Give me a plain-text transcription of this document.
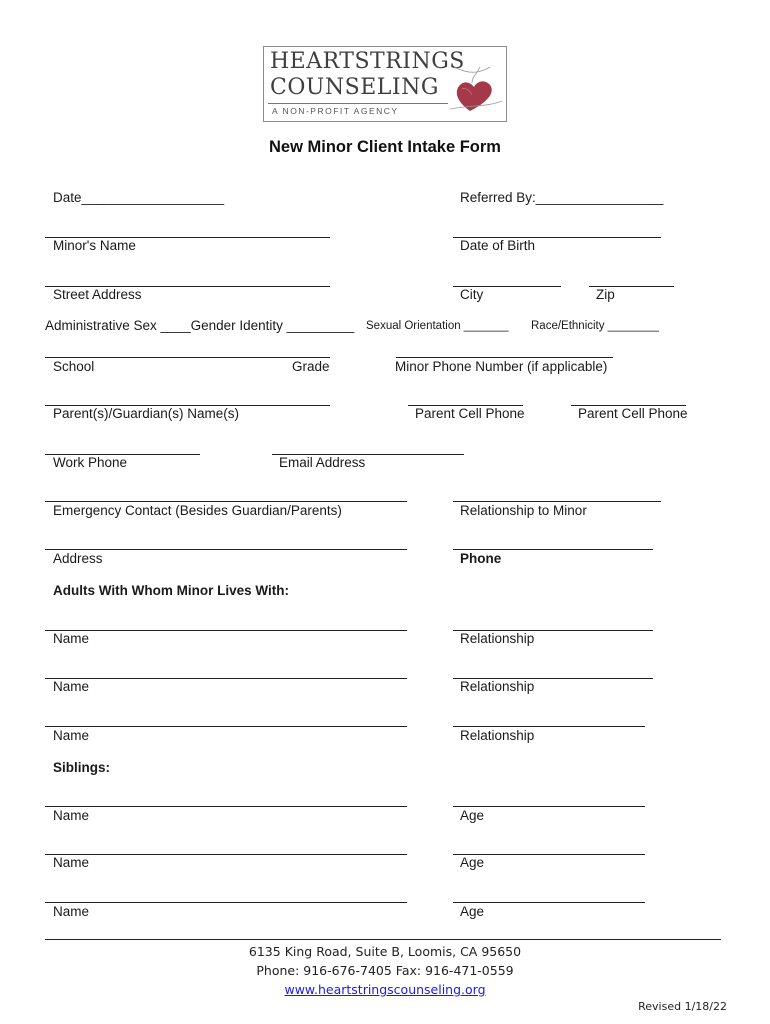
HEARTSTRINGS
COUNSELING
A NON-PROFIT AGENCY
New Minor Client Intake Form
Date___________________	Referred By:_________________
Minor's Name	Date of Birth
Street Address	City	Zip
Administrative Sex ____Gender Identity _________ Sexual Orientation _______ Race/Ethnicity ________
School	Grade	Minor Phone Number (if applicable)
Parent(s)/Guardian(s) Name(s)	Parent Cell Phone	Parent Cell Phone
Work Phone	Email Address
Emergency Contact (Besides Guardian/Parents)	Relationship to Minor
Address	Phone
Adults With Whom Minor Lives With:
Name	Relationship
Name	Relationship
Name	Relationship
Siblings:
Name	Age
Name	Age
Name	Age
6135 King Road, Suite B, Loomis, CA 95650
Phone: 916-676-7405 Fax: 916-471-0559
www.heartstringscounseling.org
Revised 1/18/22
